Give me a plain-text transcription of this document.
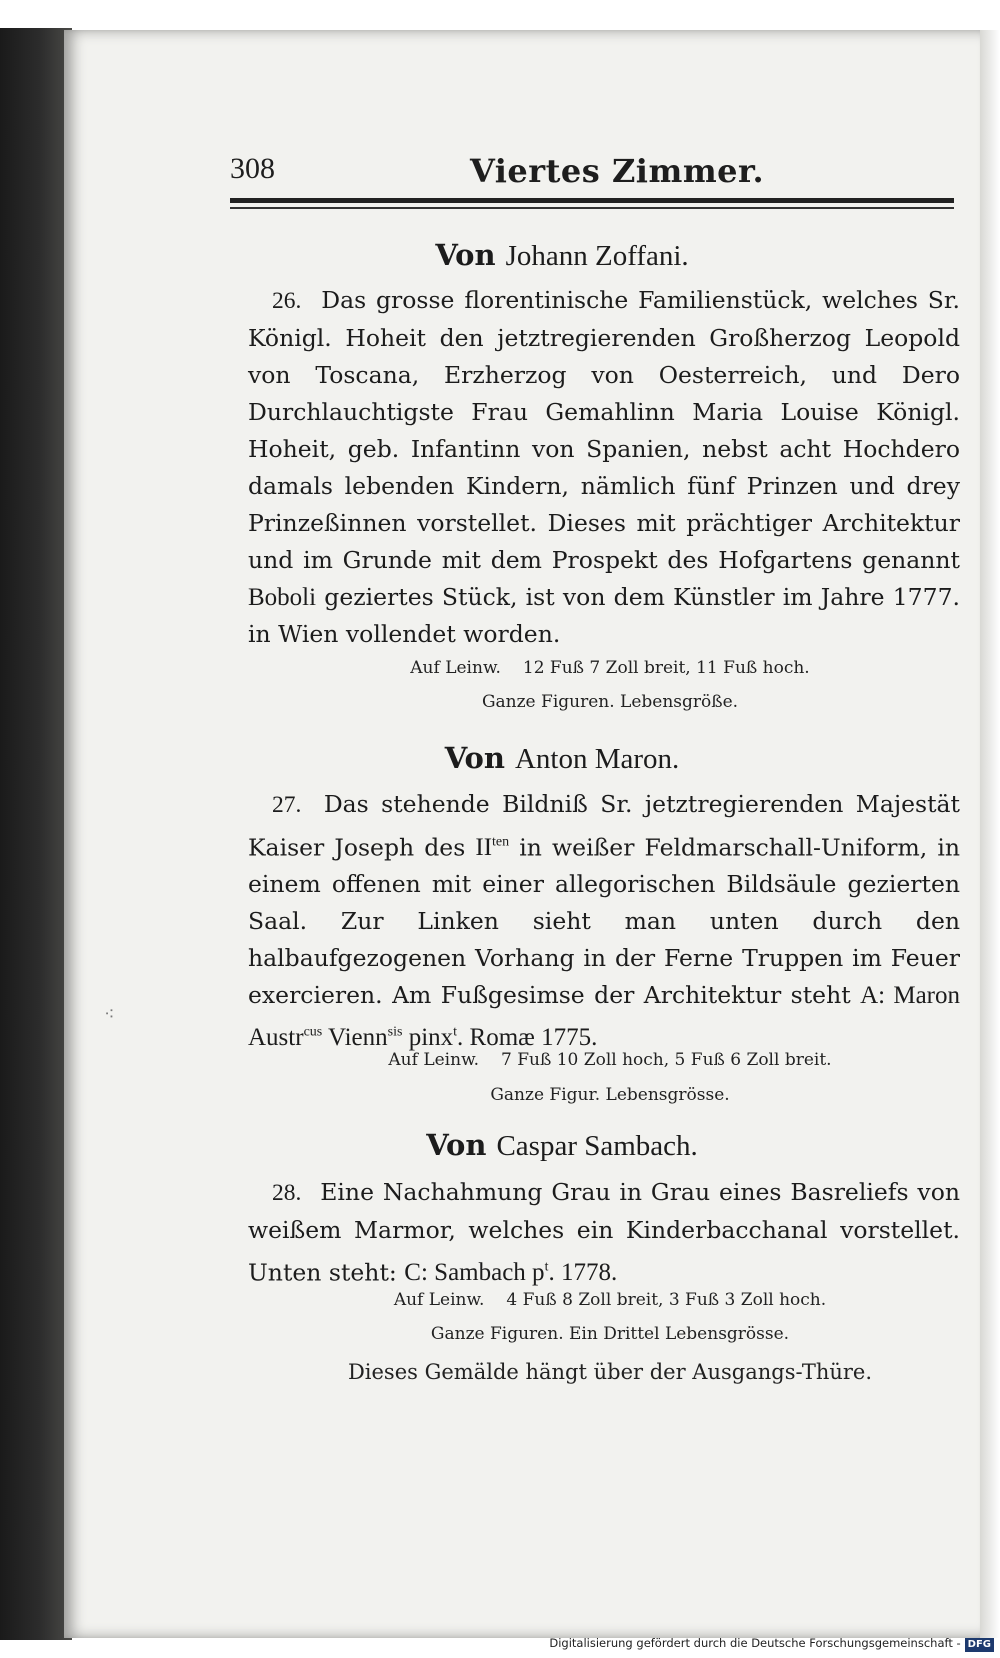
308	Viertes Zimmer.
Von Johann Zoffani.

26. Das grosse florentinische Familienstück, welches Sr. Königl. Hoheit den jetztregierenden Großherzog Leopold von Toscana, Erzherzog von Oesterreich, und Dero Durchlauchtigste Frau Gemahlinn Maria Louise Königl. Hoheit, geb. Infantinn von Spanien, nebst acht Hochdero damals lebenden Kindern, nämlich fünf Prinzen und drey Prinzeßinnen vorstellet. Dieses mit prächtiger Architektur und im Grunde mit dem Prospekt des Hofgartens genannt Boboli geziertes Stück, ist von dem Künstler im Jahre 1777. in Wien vollendet worden.

Auf Leinw. 12 Fuß 7 Zoll breit, 11 Fuß hoch.
Ganze Figuren. Lebensgröße.
Von Anton Maron.

27. Das stehende Bildniß Sr. jetztregierenden Majestät Kaiser Joseph des $II^{ten}$ in weißer Feldmarschall-Uniform, in einem offenen mit einer allegorischen Bildsäule gezierten Saal. Zur Linken sieht man unten durch den halbaufgezogenen Vorhang in der Ferne Truppen im Feuer exercieren. Am Fußgesimse der Architektur steht A: Maron Austr$^{cus}$ Vienn$^{sis}$ pinx$^t$. Romæ 1775.

Auf Leinw. 7 Fuß 10 Zoll hoch, 5 Fuß 6 Zoll breit.
Ganze Figur. Lebensgrösse.
Von Caspar Sambach.

28. Eine Nachahmung Grau in Grau eines Basreliefs von weißem Marmor, welches ein Kinderbacchanal vorstellet. Unten steht: C: Sambach $p^t$. 1778.

Auf Leinw. 4 Fuß 8 Zoll breit, 3 Fuß 3 Zoll hoch.
Ganze Figuren. Ein Drittel Lebensgrösse.
Dieses Gemälde hängt über der Ausgangs-Thüre.
⁖
Digitalisierung gefördert durch die Deutsche Forschungsgemeinschaft - DFG
